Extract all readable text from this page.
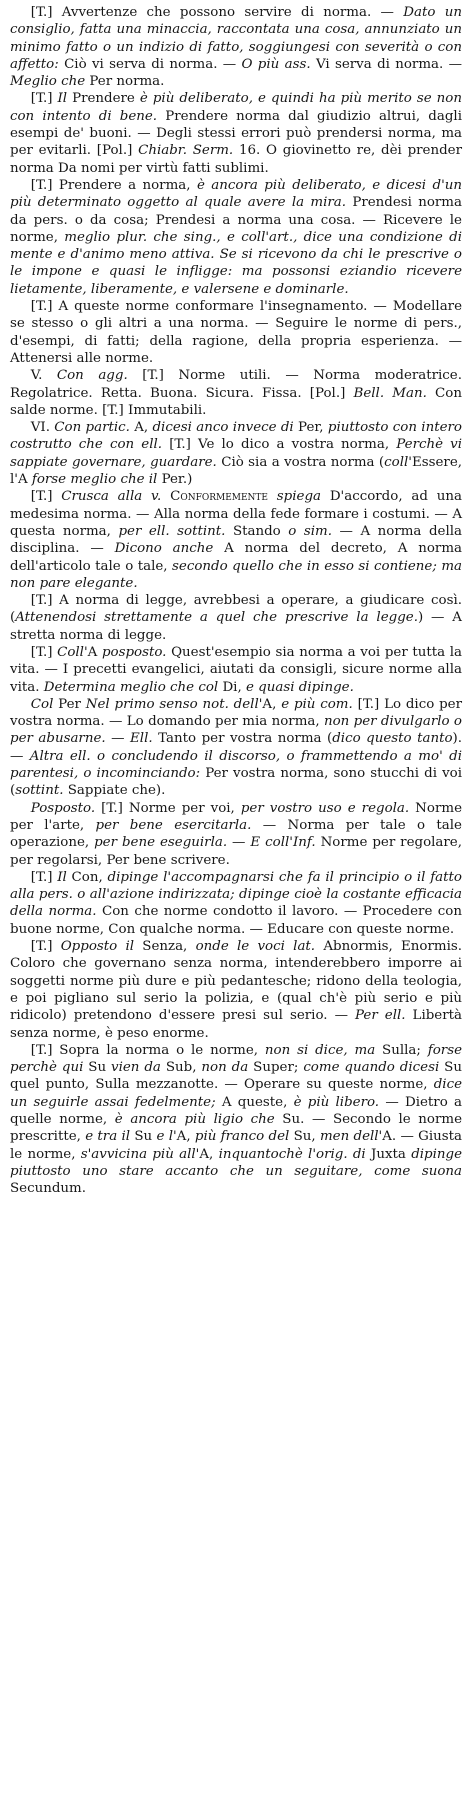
[T.] Avvertenze che possono servire di norma. — Dato un consiglio, fatta una minaccia, raccontata una cosa, annunziato un minimo fatto o un indizio di fatto, soggiungesi con severità o con affetto: Ciò vi serva di norma. — O più ass. Vi serva di norma. — Meglio che Per norma.

[T.] Il Prendere è più deliberato, e quindi ha più merito se non con intento di bene. Prendere norma dal giudizio altrui, dagli esempi de' buoni. — Degli stessi errori può prendersi norma, ma per evitarli. [Pol.] Chiabr. Serm. 16. O giovinetto re, dèi prender norma Da nomi per virtù fatti sublimi.

[T.] Prendere a norma, è ancora più deliberato, e dicesi d'un più determinato oggetto al quale avere la mira. Prendesi norma da pers. o da cosa; Prendesi a norma una cosa. — Ricevere le norme, meglio plur. che sing., e coll'art., dice una condizione di mente e d'animo meno attiva. Se si ricevono da chi le prescrive o le impone e quasi le infligge: ma possonsi eziandio ricevere lietamente, liberamente, e valersene e dominarle.

[T.] A queste norme conformare l'insegnamento. — Modellare se stesso o gli altri a una norma. — Seguire le norme di pers., d'esempi, di fatti; della ragione, della propria esperienza. — Attenersi alle norme.

V. Con agg. [T.] Norme utili. — Norma moderatrice. Regolatrice. Retta. Buona. Sicura. Fissa. [Pol.] Bell. Man. Con salde norme. [T.] Immutabili.

VI. Con partic. A, dicesi anco invece di Per, piuttosto con intero costrutto che con ell. [T.] Ve lo dico a vostra norma, Perchè vi sappiate governare, guardare. Ciò sia a vostra norma (coll'Essere, l'A forse meglio che il Per.)

[T.] Crusca alla v. Conformemente spiega D'accordo, ad una medesima norma. — Alla norma della fede formare i costumi. — A questa norma, per ell. sottint. Stando o sim. — A norma della disciplina. — Dicono anche A norma del decreto, A norma dell'articolo tale o tale, secondo quello che in esso si contiene; ma non pare elegante.

[T.] A norma di legge, avrebbesi a operare, a giudicare così. (Attenendosi strettamente a quel che prescrive la legge.) — A stretta norma di legge.

[T.] Coll'A posposto. Quest'esempio sia norma a voi per tutta la vita. — I precetti evangelici, aiutati da consigli, sicure norme alla vita. Determina meglio che col Di, e quasi dipinge.

Col Per Nel primo senso not. dell'A, e più com. [T.] Lo dico per vostra norma. — Lo domando per mia norma, non per divulgarlo o per abusarne. — Ell. Tanto per vostra norma (dico questo tanto). — Altra ell. o concludendo il discorso, o frammettendo a mo' di parentesi, o incominciando: Per vostra norma, sono stucchi di voi (sottint. Sappiate che).

Posposto. [T.] Norme per voi, per vostro uso e regola. Norme per l'arte, per bene esercitarla. — Norma per tale o tale operazione, per bene eseguirla. — E coll'Inf. Norme per regolare, per regolarsi, Per bene scrivere.

[T.] Il Con, dipinge l'accompagnarsi che fa il principio o il fatto alla pers. o all'azione indirizzata; dipinge cioè la costante efficacia della norma. Con che norme condotto il lavoro. — Procedere con buone norme, Con qualche norma. — Educare con queste norme.

[T.] Opposto il Senza, onde le voci lat. Abnormis, Enormis. Coloro che governano senza norma, intenderebbero imporre ai soggetti norme più dure e più pedantesche; ridono della teologia, e poi pigliano sul serio la polizia, e (qual ch'è più serio e più ridicolo) pretendono d'essere presi sul serio. — Per ell. Libertà senza norme, è peso enorme.

[T.] Sopra la norma o le norme, non si dice, ma Sulla; forse perchè qui Su vien da Sub, non da Super; come quando dicesi Su quel punto, Sulla mezzanotte. — Operare su queste norme, dice un seguirle assai fedelmente; A queste, è più libero. — Dietro a quelle norme, è ancora più ligio che Su. — Secondo le norme prescritte, e tra il Su e l'A, più franco del Su, men dell'A. — Giusta le norme, s'avvicina più all'A, inquantochè l'orig. di Juxta dipinge piuttosto uno stare accanto che un seguitare, come suona Secundum.
